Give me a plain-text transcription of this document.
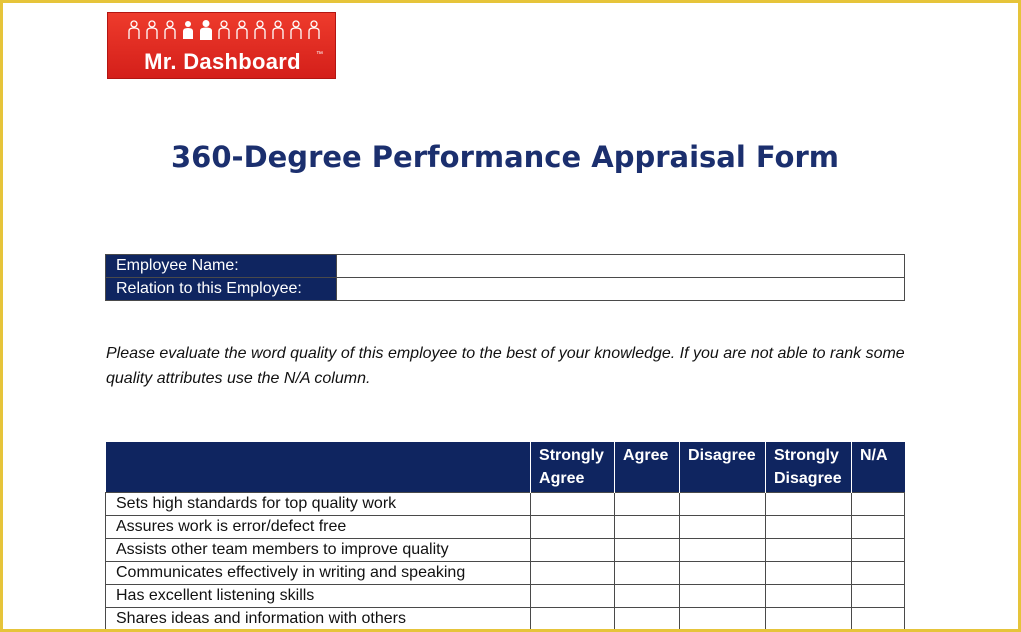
Mr. Dashboard	™
360-Degree Performance Appraisal Form
Employee Name:	
Relation to this Employee:	
Please evaluate the word quality of this employee to the best of your knowledge. If you are not able to rank some quality attributes use the N/A column.
	Strongly Agree	Agree	Disagree	Strongly Disagree	N/A
Sets high standards for top quality work					
Assures work is error/defect free					
Assists other team members to improve quality					
Communicates effectively in writing and speaking					
Has excellent listening skills					
Shares ideas and information with others					
